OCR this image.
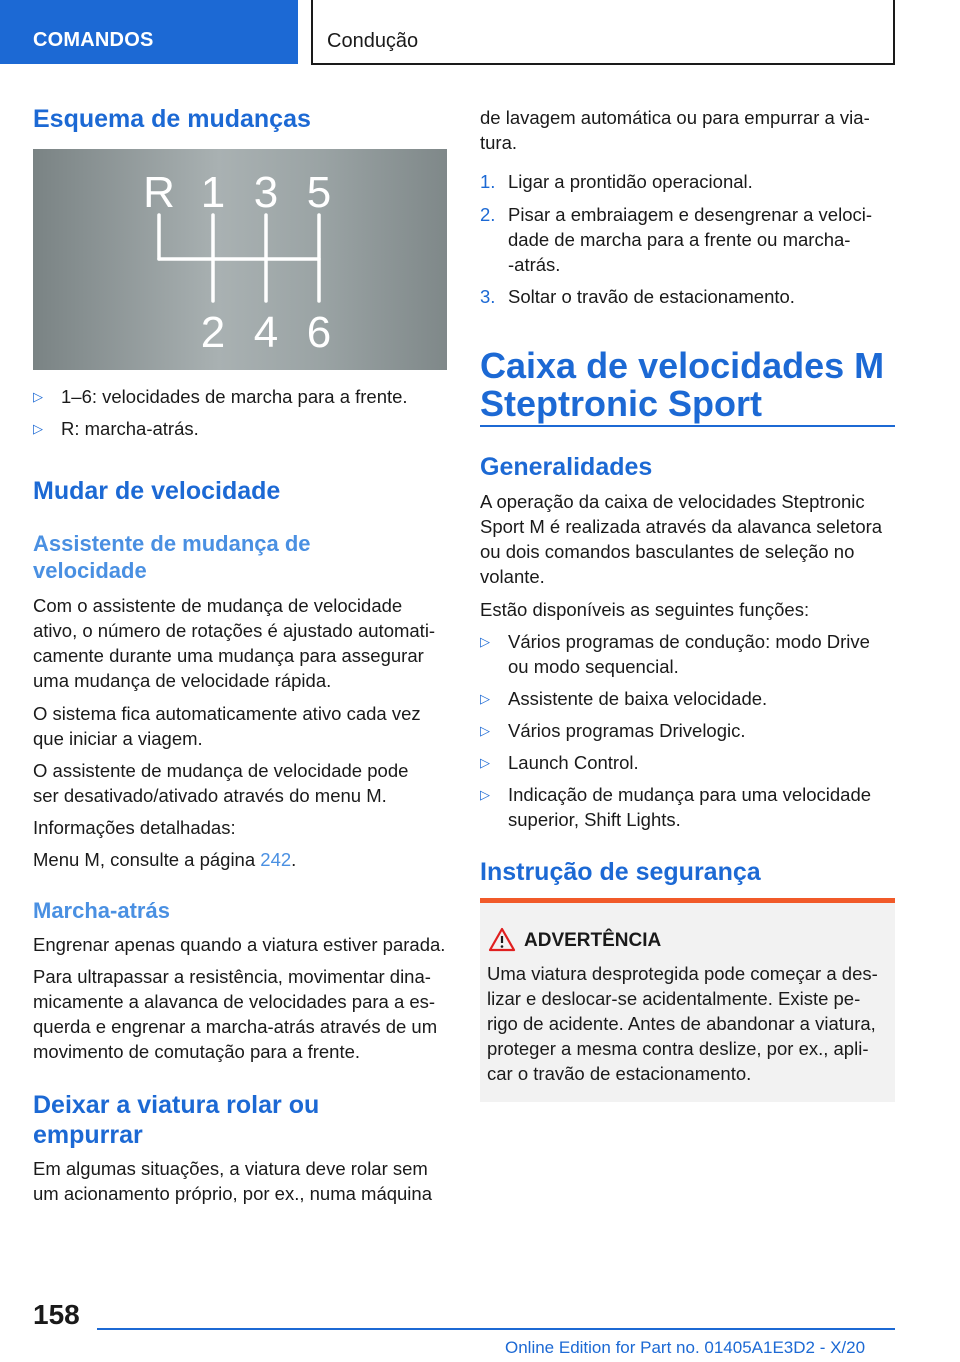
COMANDOS	Condução
Esquema de mudanças
R 1 3 5
2 4 6
▷ 1–6: velocidades de marcha para a frente.
▷ R: marcha-atrás.
Mudar de velocidade
Assistente de mudança de
velocidade

Com o assistente de mudança de velocidade
ativo, o número de rotações é ajustado automati-
camente durante uma mudança para assegurar
uma mudança de velocidade rápida.

O sistema fica automaticamente ativo cada vez
que iniciar a viagem.

O assistente de mudança de velocidade pode
ser desativado/ativado através do menu M.

Informações detalhadas:

Menu M, consulte a página 242.

Marcha-atrás

Engrenar apenas quando a viatura estiver parada.

Para ultrapassar a resistência, movimentar dina-
micamente a alavanca de velocidades para a es-
querda e engrenar a marcha-atrás através de um
movimento de comutação para a frente.

Deixar a viatura rolar ou
empurrar

Em algumas situações, a viatura deve rolar sem
um acionamento próprio, por ex., numa máquina

de lavagem automática ou para empurrar a via-
tura.

1. Ligar a prontidão operacional.
2. Pisar a embraiagem e desengrenar a veloci-
dade de marcha para a frente ou marcha-
-atrás.
3. Soltar o travão de estacionamento.
Caixa de velocidades M
Steptronic Sport
Generalidades

A operação da caixa de velocidades Steptronic
Sport M é realizada através da alavanca seletora
ou dois comandos basculantes de seleção no
volante.

Estão disponíveis as seguintes funções:

▷ Vários programas de condução: modo Drive
ou modo sequencial.
▷ Assistente de baixa velocidade.
▷ Vários programas Drivelogic.
▷ Launch Control.
▷ Indicação de mudança para uma velocidade
superior, Shift Lights.
Instrução de segurança
ADVERTÊNCIA
Uma viatura desprotegida pode começar a des-
lizar e deslocar-se acidentalmente. Existe pe-
rigo de acidente. Antes de abandonar a viatura,
proteger a mesma contra deslize, por ex., apli-
car o travão de estacionamento.
158
Online Edition for Part no. 01405A1E3D2 - X/20
